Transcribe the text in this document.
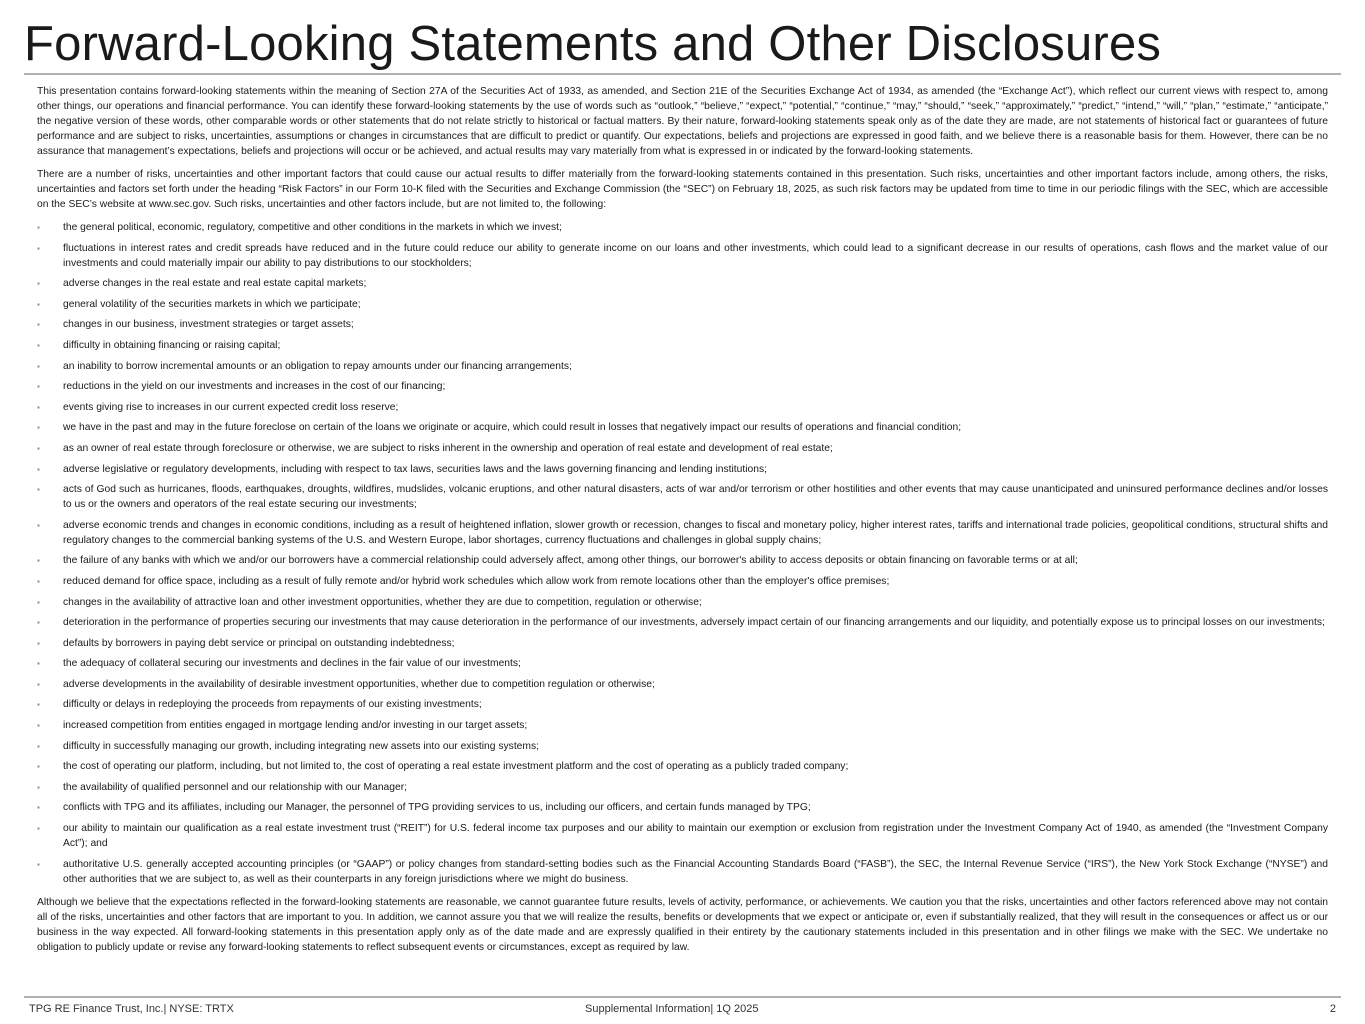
Forward-Looking Statements and Other Disclosures

This presentation contains forward-looking statements within the meaning of Section 27A of the Securities Act of 1933, as amended, and Section 21E of the Securities Exchange Act of 1934, as amended (the “Exchange Act”), which reflect our current views with respect to, among other things, our operations and financial performance. You can identify these forward-looking statements by the use of words such as “outlook,” “believe,” “expect,” “potential,” “continue,” “may,” “should,” “seek,” “approximately,” “predict,” “intend,” “will,” “plan,” “estimate,” “anticipate,” the negative version of these words, other comparable words or other statements that do not relate strictly to historical or factual matters. By their nature, forward-looking statements speak only as of the date they are made, are not statements of historical fact or guarantees of future performance and are subject to risks, uncertainties, assumptions or changes in circumstances that are difficult to predict or quantify. Our expectations, beliefs and projections are expressed in good faith, and we believe there is a reasonable basis for them. However, there can be no assurance that management’s expectations, beliefs and projections will occur or be achieved, and actual results may vary materially from what is expressed in or indicated by the forward-looking statements.

There are a number of risks, uncertainties and other important factors that could cause our actual results to differ materially from the forward-looking statements contained in this presentation. Such risks, uncertainties and other important factors include, among others, the risks, uncertainties and factors set forth under the heading “Risk Factors” in our Form 10-K filed with the Securities and Exchange Commission (the “SEC”) on February 18, 2025, as such risk factors may be updated from time to time in our periodic filings with the SEC, which are accessible on the SEC’s website at www.sec.gov. Such risks, uncertainties and other factors include, but are not limited to, the following:

▪ the general political, economic, regulatory, competitive and other conditions in the markets in which we invest;
▪ fluctuations in interest rates and credit spreads have reduced and in the future could reduce our ability to generate income on our loans and other investments, which could lead to a significant decrease in our results of operations, cash flows and the market value of our investments and could materially impair our ability to pay distributions to our stockholders;
▪ adverse changes in the real estate and real estate capital markets;
▪ general volatility of the securities markets in which we participate;
▪ changes in our business, investment strategies or target assets;
▪ difficulty in obtaining financing or raising capital;
▪ an inability to borrow incremental amounts or an obligation to repay amounts under our financing arrangements;
▪ reductions in the yield on our investments and increases in the cost of our financing;
▪ events giving rise to increases in our current expected credit loss reserve;
▪ we have in the past and may in the future foreclose on certain of the loans we originate or acquire, which could result in losses that negatively impact our results of operations and financial condition;
▪ as an owner of real estate through foreclosure or otherwise, we are subject to risks inherent in the ownership and operation of real estate and development of real estate;
▪ adverse legislative or regulatory developments, including with respect to tax laws, securities laws and the laws governing financing and lending institutions;
▪ acts of God such as hurricanes, floods, earthquakes, droughts, wildfires, mudslides, volcanic eruptions, and other natural disasters, acts of war and/or terrorism or other hostilities and other events that may cause unanticipated and uninsured performance declines and/or losses to us or the owners and operators of the real estate securing our investments;
▪ adverse economic trends and changes in economic conditions, including as a result of heightened inflation, slower growth or recession, changes to fiscal and monetary policy, higher interest rates, tariffs and international trade policies, geopolitical conditions, structural shifts and regulatory changes to the commercial banking systems of the U.S. and Western Europe, labor shortages, currency fluctuations and challenges in global supply chains;
▪ the failure of any banks with which we and/or our borrowers have a commercial relationship could adversely affect, among other things, our borrower's ability to access deposits or obtain financing on favorable terms or at all;
▪ reduced demand for office space, including as a result of fully remote and/or hybrid work schedules which allow work from remote locations other than the employer's office premises;
▪ changes in the availability of attractive loan and other investment opportunities, whether they are due to competition, regulation or otherwise;
▪ deterioration in the performance of properties securing our investments that may cause deterioration in the performance of our investments, adversely impact certain of our financing arrangements and our liquidity, and potentially expose us to principal losses on our investments;
▪ defaults by borrowers in paying debt service or principal on outstanding indebtedness;
▪ the adequacy of collateral securing our investments and declines in the fair value of our investments;
▪ adverse developments in the availability of desirable investment opportunities, whether due to competition regulation or otherwise;
▪ difficulty or delays in redeploying the proceeds from repayments of our existing investments;
▪ increased competition from entities engaged in mortgage lending and/or investing in our target assets;
▪ difficulty in successfully managing our growth, including integrating new assets into our existing systems;
▪ the cost of operating our platform, including, but not limited to, the cost of operating a real estate investment platform and the cost of operating as a publicly traded company;
▪ the availability of qualified personnel and our relationship with our Manager;
▪ conflicts with TPG and its affiliates, including our Manager, the personnel of TPG providing services to us, including our officers, and certain funds managed by TPG;
▪ our ability to maintain our qualification as a real estate investment trust (“REIT”) for U.S. federal income tax purposes and our ability to maintain our exemption or exclusion from registration under the Investment Company Act of 1940, as amended (the “Investment Company Act”); and
▪ authoritative U.S. generally accepted accounting principles (or “GAAP”) or policy changes from standard-setting bodies such as the Financial Accounting Standards Board (“FASB”), the SEC, the Internal Revenue Service (“IRS”), the New York Stock Exchange (“NYSE”) and other authorities that we are subject to, as well as their counterparts in any foreign jurisdictions where we might do business.

Although we believe that the expectations reflected in the forward-looking statements are reasonable, we cannot guarantee future results, levels of activity, performance, or achievements. We caution you that the risks, uncertainties and other factors referenced above may not contain all of the risks, uncertainties and other factors that are important to you. In addition, we cannot assure you that we will realize the results, benefits or developments that we expect or anticipate or, even if substantially realized, that they will result in the consequences or affect us or our business in the way expected. All forward-looking statements in this presentation apply only as of the date made and are expressly qualified in their entirety by the cautionary statements included in this presentation and in other filings we make with the SEC. We undertake no obligation to publicly update or revise any forward-looking statements to reflect subsequent events or circumstances, except as required by law.

TPG RE Finance Trust, Inc.| NYSE: TRTX	Supplemental Information| 1Q 2025	2
